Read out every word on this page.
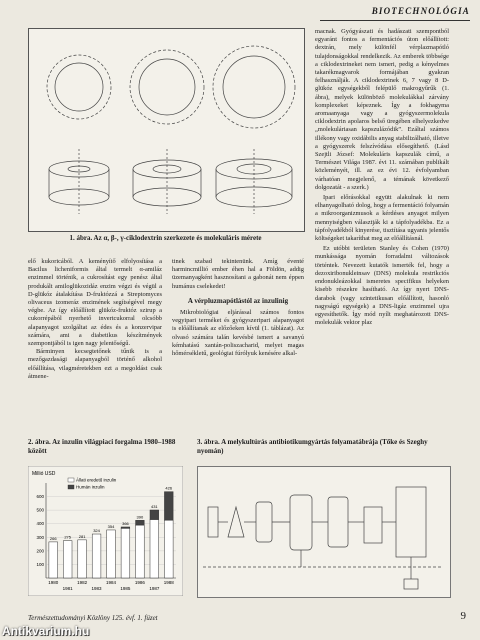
BIOTECHNOLÓGIA
1. ábra. Az α, β-, γ-ciklodextrin szerkezete és molekuláris mérete

macnak. Gyógyászati és hadászati szempontból egyaránt fontos a fermentációs úton előállított: dextrán, mely különfél vérplazmapótló tulajdonságokkal rendelkezik. Az emberek többsége a ciklodextrineket nem ismeri, pedig a kényelmes takarékmagvarok formájában gyakran felhasználják. A ciklodextrinek 6, 7 vagy 8 D-glükóz egységekből felépülő makrogyűrűk (1. ábra), melyek különböző molekulákkal zárvány komplexeket képeznek. Így a fokhagyma aromaanyaga vagy a gyógyszermolekula ciklodextrin apolaros belső üregében elhelyezkedve „molekuláriasan kapszulázódik”. Ezáltal számos illékony vagy oxidábilis anyag stabilizálható, illetve a gyógyszerek felszívódása elősegíthető. (Lásd Szejtli József: Molekuláris kapszulák című, a Természet Világa 1987. évi 11. számában publikált közleményét, ill. az ez évi 12. évfolyamban várhatóan megjelenő, a témának következő dolgozatát - a szerk.)

Ipari előrásokkal együtt alakulnak ki nem elhanyagolható dolog, hogy a fermentáció folyamán a mikroorganizmusok a kérdéses anyagot milyen mennyiségben választják ki a tápfolyadékba. Ez a tápfolyadékból kinyerése, tisztítása ugyanis jelentős költségeket takaríthat meg az előállításnál.

Ez utóbbi területen Stanley és Cohen (1970) munkássága nyomán forradalmi változások történtek. Nevezett kutatók ismerték fel, hogy a dezoxiribonukleinsav (DNS) molekula restrikciós endonukleázokkal ismeretes specifikus helyeken kisebb részekre hasítható. Az így nyert DNS-darabok (vagy szintetikusan előállított, hasonló nagyságú egységek) a DNS-ligáz enzimmel ujra egyesíthetők. Így mód nyílt meghatározott DNS-molekulák vektor plaz

elő kukoricából. A keményítő elfolyosítása a Bacilus licheniformis által termelt α-amiláz enzimmel történik, a cukrosítást egy penész által produkált amiloglükozidáz enzim végzi és végül a D-glükóz átalakítása D-fruktózzá a Streptomyces olivaceus izomeráz enzimének segítségével megy végbe. Az így előállított glükóz-fruktóz szirup a cukorrépából nyerhető invertcukorral olcsóbb alapanyagot szolgáltat az édes és a konzervipar számára, ami a diabetikus készítmények szempontjából is igen nagy jelentőségű.

Bárminyen kecsegtetőnek tűnik is a mezőgazdasági alapanyagból történő alkohol előállítása, vilagméretekben ezt a megoldást csak átmene-

tinek szabad tekintenünk. Amíg éventé harmincmillió ember éhen hal a Földön, addig üzemanyagként hasznosítani a gabonát nem éppen humánus cselekedet!

A vérpluzmapótlástól az inzulinig

Mikrobiológiai eljárással számos fontos vegyipari terméket és gyógyszeripari alapanyagot is előállítanak az előzőeken kívül (1. táblázat). Az olvasó számára talán kevésbé ismert a savanyú kémhatású xantán-poliszacharid, melyet magas hőmérsékletű, geológiai fúrólyuk kenésére alkal-

2. ábra. Az inzulin világpiaci forgalma 1980–1988 között
Millió USD
Állati eredetű inzulin
Humán inzulin
100
200
300
400
500
600
266 275 281
324
354
366
390
431
426
1980
1981
1982
1983
1984
1985
1986
1987
1988
3. ábra. A melykultúrás antibiotikumgyártás folyamatábrája (Tőke és Szeghy nyomán)
Természettudományi Közlöny 125. évf. 1. füzet	9
Antikvarium.hu
